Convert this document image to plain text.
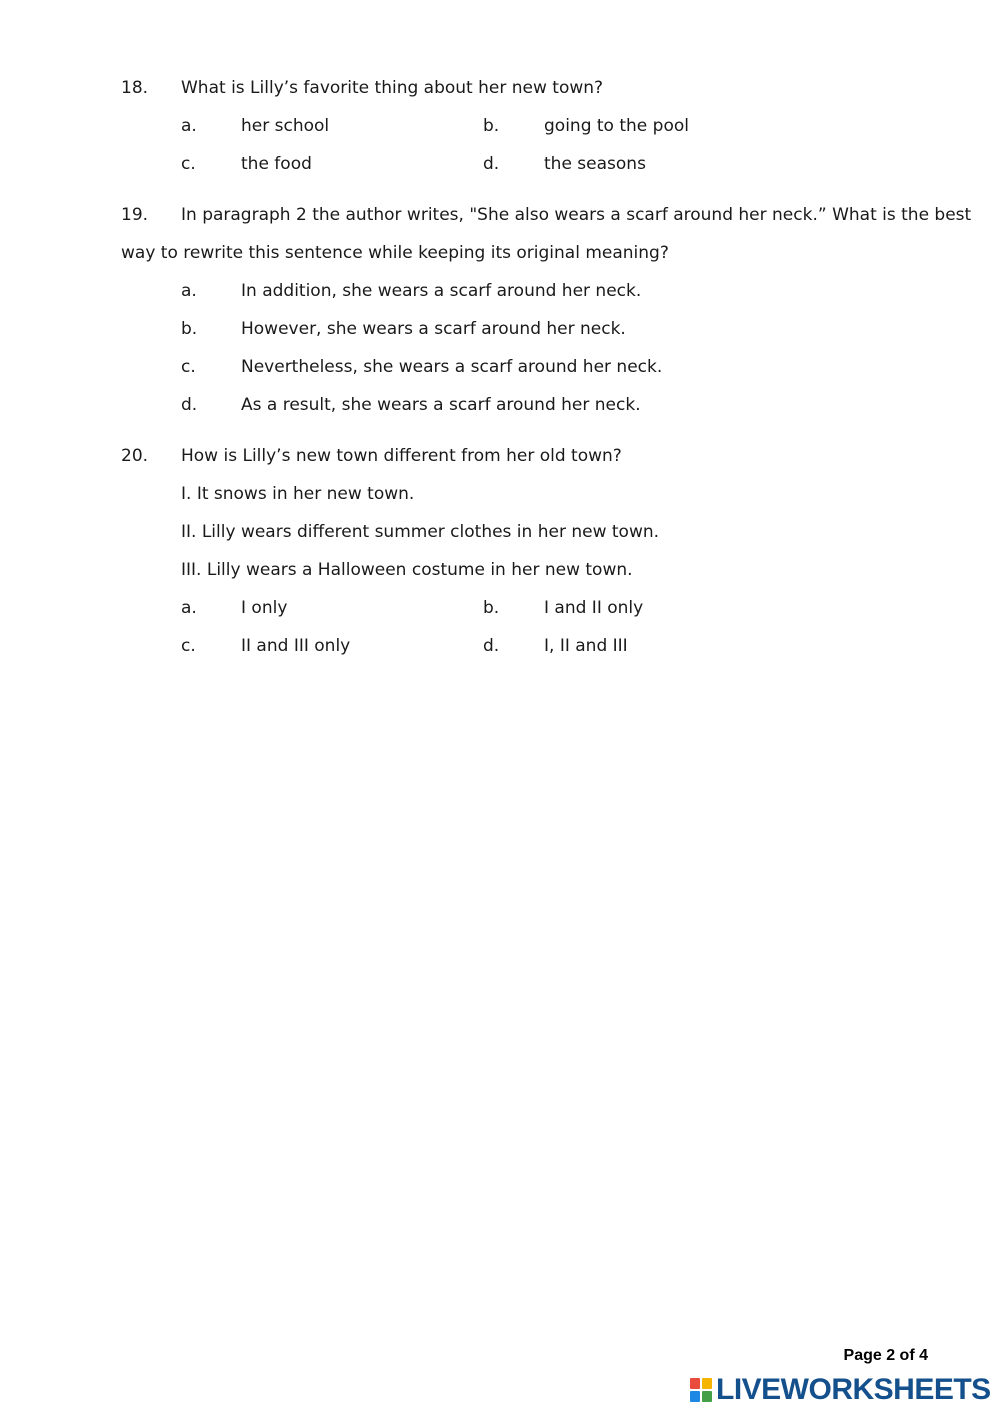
18. What is Lilly’s favorite thing about her new town?
a.	her school	b.	going to the pool
c.	the food	d.	the seasons
19. In paragraph 2 the author writes, "She also wears a scarf around her neck.” What is the best
way to rewrite this sentence while keeping its original meaning?
a.	In addition, she wears a scarf around her neck.
b.	However, she wears a scarf around her neck.
c.	Nevertheless, she wears a scarf around her neck.
d.	As a result, she wears a scarf around her neck.
20. How is Lilly’s new town different from her old town?
I. It snows in her new town.
II. Lilly wears different summer clothes in her new town.
III. Lilly wears a Halloween costume in her new town.
a.	I only	b.	I and II only
c.	II and III only	d.	I, II and III
Page 2 of 4
LIVEWORKSHEETS
